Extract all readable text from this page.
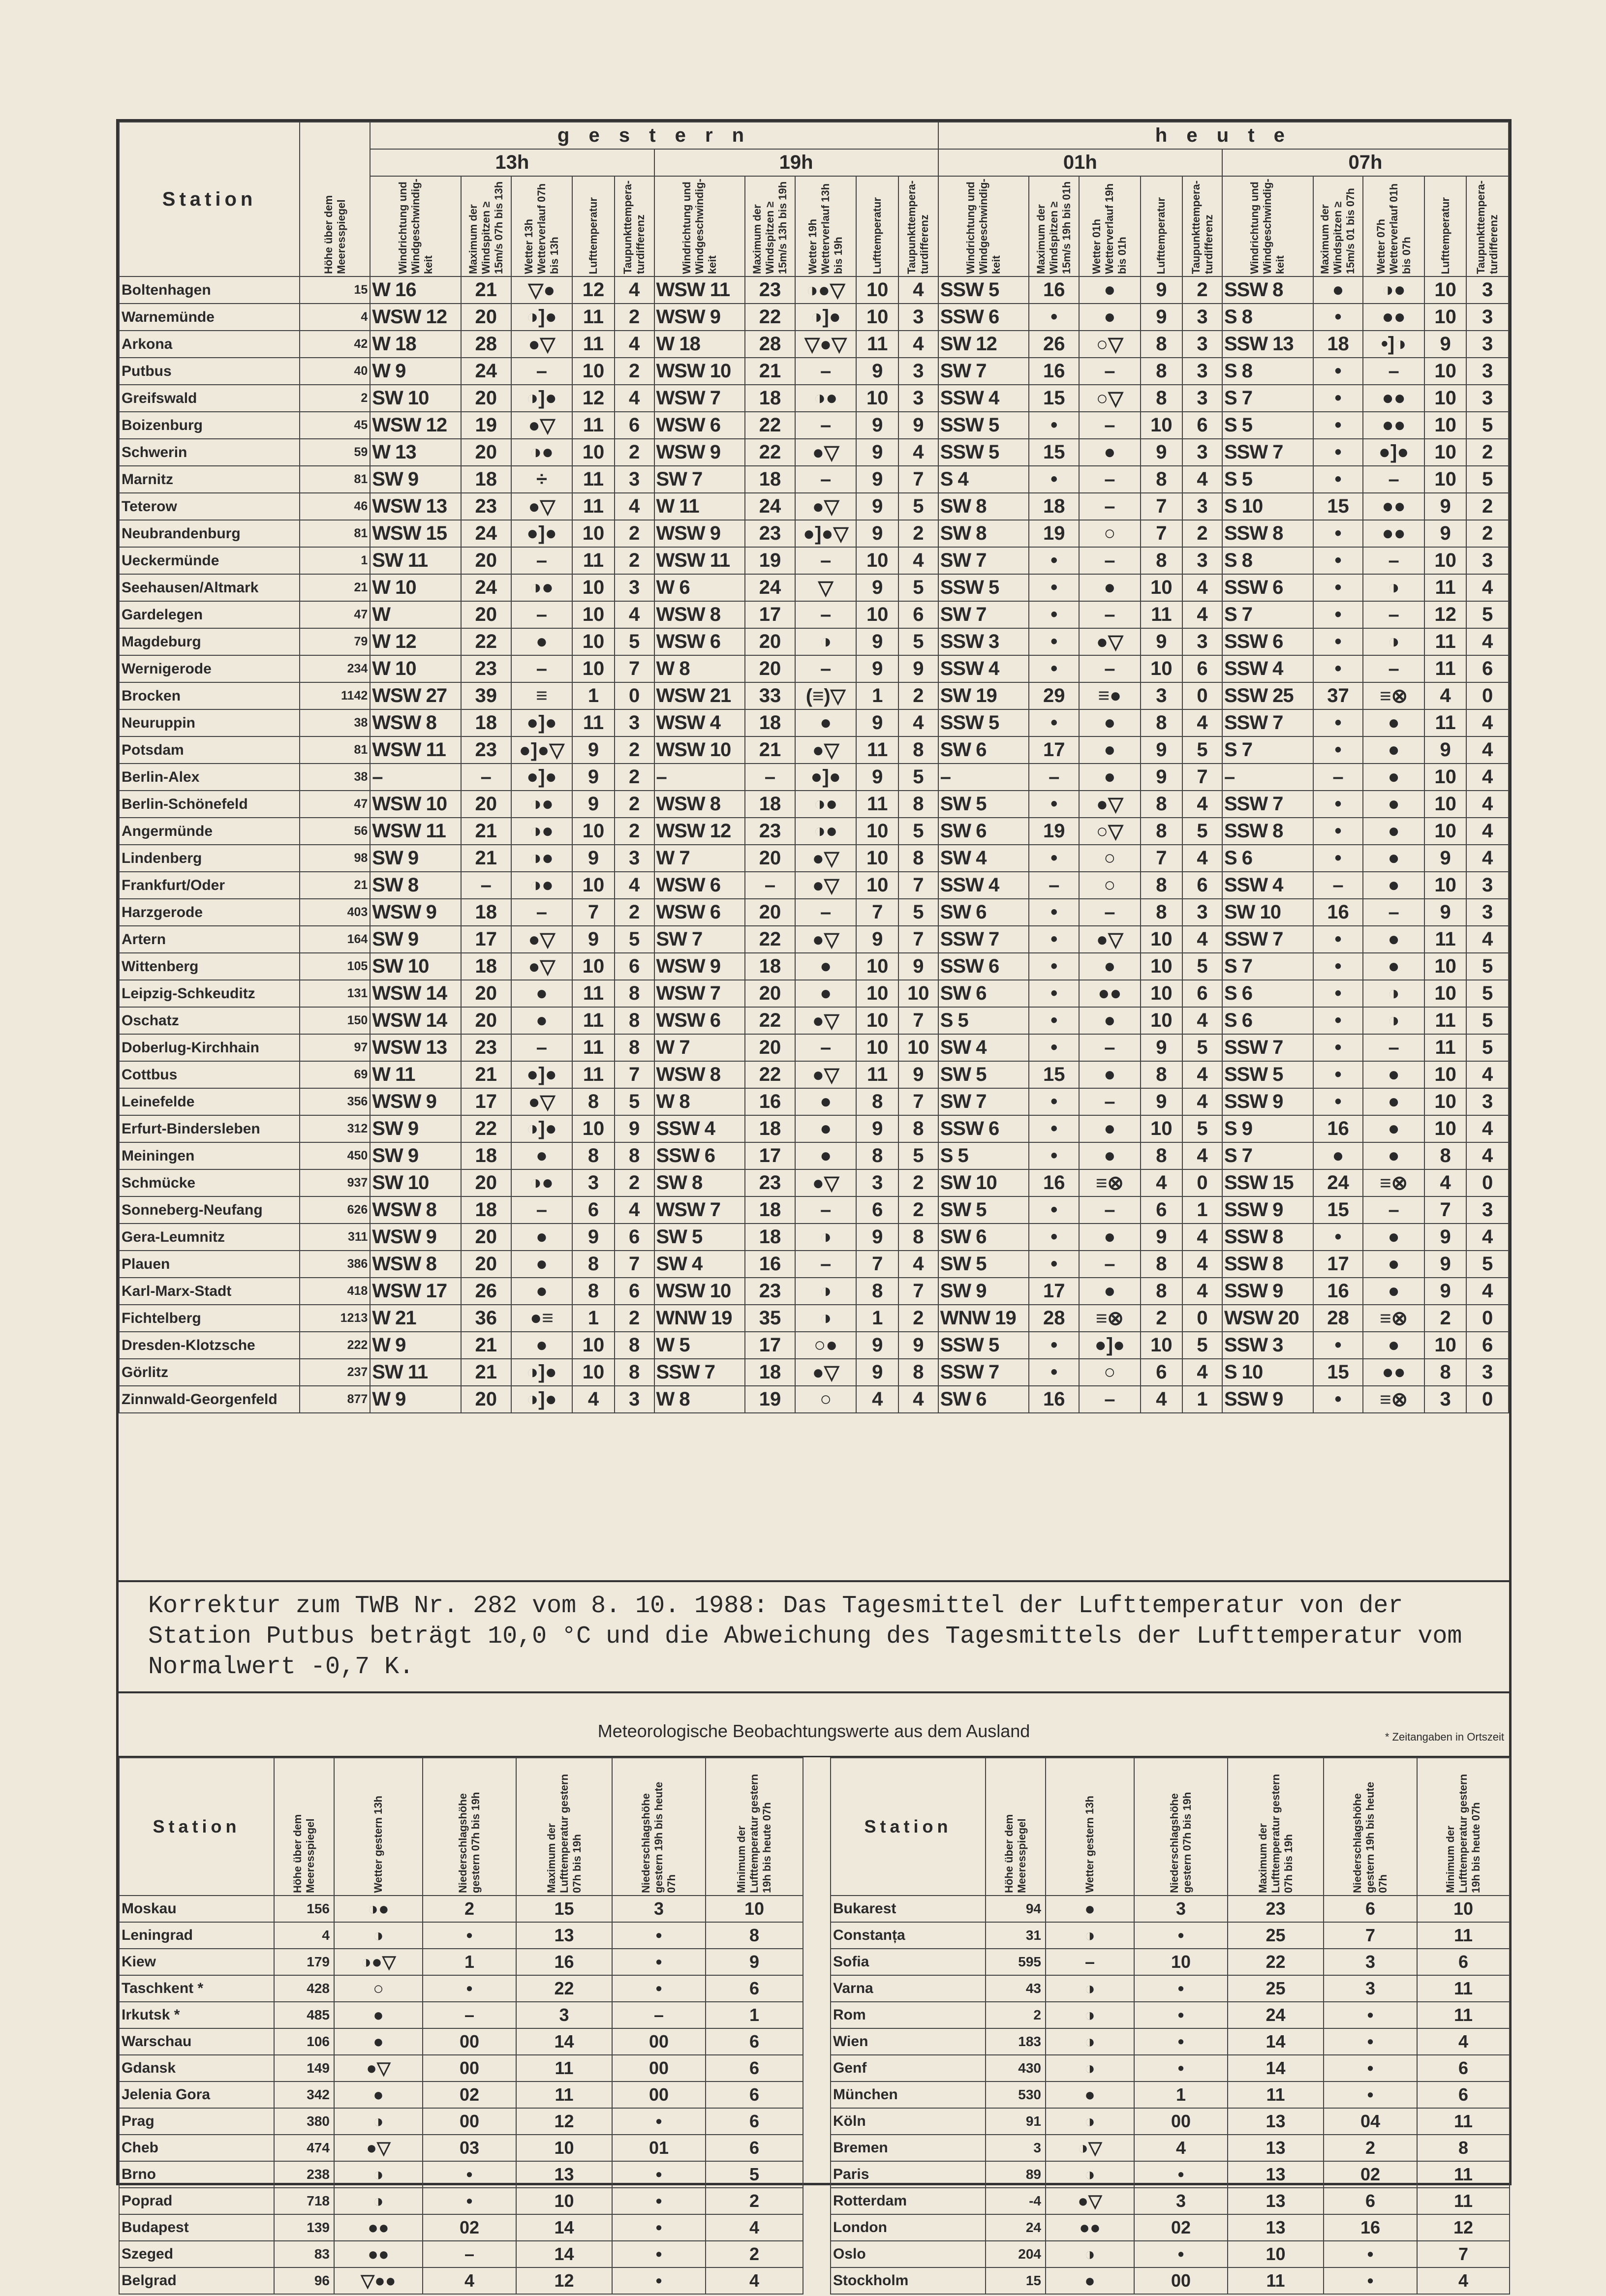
Station	Höhe über dem Meeresspiegel	g e s t e r n										h e u t e									
		13h					19h					01h					07h				

		Windrichtung und Windgeschwindig-keit	Maximum der Windspitzen ≥ 15m/s 07h bis 13h	Wetter 13h Wetterverlauf 07h bis 13h	Lufttemperatur	Taupunkttempera-turdifferenz	Windrichtung und Windgeschwindig-keit	Maximum der Windspitzen ≥ 15m/s 13h bis 19h	Wetter 19h Wetterverlauf 13h bis 19h	Lufttemperatur	Taupunkttempera-turdifferenz	Windrichtung und Windgeschwindig-keit	Maximum der Windspitzen ≥ 15m/s 19h bis 01h	Wetter 01h Wetterverlauf 19h bis 01h	Lufttemperatur	Taupunkttempera-turdifferenz	Windrichtung und Windgeschwindig-keit	Maximum der Windspitzen ≥ 15m/s 01 bis 07h	Wetter 07h Wetterverlauf 01h bis 07h	Lufttemperatur	Taupunkttempera-turdifferenz

Boltenhagen	15	W 16	21	▽●	12	4	WSW 11	23	◑●▽	10	4	SSW 5	16	●	9	2	SSW 8	●	◑●	10	3
Warnemünde	4	WSW 12	20	◑]●	11	2	WSW 9	22	◑]●	10	3	SSW 6	•	●	9	3	S 8	•	●●	10	3
Arkona	42	W 18	28	●▽	11	4	W 18	28	▽●▽	11	4	SW 12	26	○▽	8	3	SSW 13	18	•]◑	9	3
Putbus	40	W 9	24	–	10	2	WSW 10	21	–	9	3	SW 7	16	–	8	3	S 8	•	–	10	3
Greifswald	2	SW 10	20	◑]●	12	4	WSW 7	18	◑●	10	3	SSW 4	15	○▽	8	3	S 7	•	●●	10	3
Boizenburg	45	WSW 12	19	●▽	11	6	WSW 6	22	–	9	9	SSW 5	•	–	10	6	S 5	•	●●	10	5
Schwerin	59	W 13	20	◑●	10	2	WSW 9	22	●▽	9	4	SSW 5	15	●	9	3	SSW 7	•	●]●	10	2
Marnitz	81	SW 9	18	÷	11	3	SW 7	18	–	9	7	S 4	•	–	8	4	S 5	•	–	10	5
Teterow	46	WSW 13	23	●▽	11	4	W 11	24	●▽	9	5	SW 8	18	–	7	3	S 10	15	●●	9	2
Neubrandenburg	81	WSW 15	24	●]●	10	2	WSW 9	23	●]●▽	9	2	SW 8	19	○	7	2	SSW 8	•	●●	9	2
Ueckermünde	1	SW 11	20	–	11	2	WSW 11	19	–	10	4	SW 7	•	–	8	3	S 8	•	–	10	3
Seehausen/Altmark	21	W 10	24	◑●	10	3	W 6	24	▽	9	5	SSW 5	•	●	10	4	SSW 6	•	◑	11	4
Gardelegen	47	W	20	–	10	4	WSW 8	17	–	10	6	SW 7	•	–	11	4	S 7	•	–	12	5
Magdeburg	79	W 12	22	●	10	5	WSW 6	20	◑	9	5	SSW 3	•	●▽	9	3	SSW 6	•	◑	11	4
Wernigerode	234	W 10	23	–	10	7	W 8	20	–	9	9	SSW 4	•	–	10	6	SSW 4	•	–	11	6
Brocken	1142	WSW 27	39	≡	1	0	WSW 21	33	(≡)▽	1	2	SW 19	29	≡●	3	0	SSW 25	37	≡⊗	4	0
Neuruppin	38	WSW 8	18	●]●	11	3	WSW 4	18	●	9	4	SSW 5	•	●	8	4	SSW 7	•	●	11	4
Potsdam	81	WSW 11	23	●]●▽	9	2	WSW 10	21	●▽	11	8	SW 6	17	●	9	5	S 7	•	●	9	4
Berlin-Alex	38	–	–	●]●	9	2	–	–	●]●	9	5	–	–	●	9	7	–	–	●	10	4
Berlin-Schönefeld	47	WSW 10	20	◑●	9	2	WSW 8	18	◑●	11	8	SW 5	•	●▽	8	4	SSW 7	•	●	10	4
Angermünde	56	WSW 11	21	◑●	10	2	WSW 12	23	◑●	10	5	SW 6	19	○▽	8	5	SSW 8	•	●	10	4
Lindenberg	98	SW 9	21	◑●	9	3	W 7	20	●▽	10	8	SW 4	•	○	7	4	S 6	•	●	9	4
Frankfurt/Oder	21	SW 8	–	◑●	10	4	WSW 6	–	●▽	10	7	SSW 4	–	○	8	6	SSW 4	–	●	10	3
Harzgerode	403	WSW 9	18	–	7	2	WSW 6	20	–	7	5	SW 6	•	–	8	3	SW 10	16	–	9	3
Artern	164	SW 9	17	●▽	9	5	SW 7	22	●▽	9	7	SSW 7	•	●▽	10	4	SSW 7	•	●	11	4
Wittenberg	105	SW 10	18	●▽	10	6	WSW 9	18	●	10	9	SSW 6	•	●	10	5	S 7	•	●	10	5
Leipzig-Schkeuditz	131	WSW 14	20	●	11	8	WSW 7	20	●	10	10	SW 6	•	●●	10	6	S 6	•	◑	10	5
Oschatz	150	WSW 14	20	●	11	8	WSW 6	22	●▽	10	7	S 5	•	●	10	4	S 6	•	◑	11	5
Doberlug-Kirchhain	97	WSW 13	23	–	11	8	W 7	20	–	10	10	SW 4	•	–	9	5	SSW 7	•	–	11	5
Cottbus	69	W 11	21	●]●	11	7	WSW 8	22	●▽	11	9	SW 5	15	●	8	4	SSW 5	•	●	10	4
Leinefelde	356	WSW 9	17	●▽	8	5	W 8	16	●	8	7	SW 7	•	–	9	4	SSW 9	•	●	10	3
Erfurt-Bindersleben	312	SW 9	22	◑]●	10	9	SSW 4	18	●	9	8	SSW 6	•	●	10	5	S 9	16	●	10	4
Meiningen	450	SW 9	18	●	8	8	SSW 6	17	●	8	5	S 5	•	●	8	4	S 7	●	●	8	4
Schmücke	937	SW 10	20	◑●	3	2	SW 8	23	●▽	3	2	SW 10	16	≡⊗	4	0	SSW 15	24	≡⊗	4	0
Sonneberg-Neufang	626	WSW 8	18	–	6	4	WSW 7	18	–	6	2	SW 5	•	–	6	1	SSW 9	15	–	7	3
Gera-Leumnitz	311	WSW 9	20	●	9	6	SW 5	18	◑	9	8	SW 6	•	●	9	4	SSW 8	•	●	9	4
Plauen	386	WSW 8	20	●	8	7	SW 4	16	–	7	4	SW 5	•	–	8	4	SSW 8	17	●	9	5
Karl-Marx-Stadt	418	WSW 17	26	●	8	6	WSW 10	23	◑	8	7	SW 9	17	●	8	4	SSW 9	16	●	9	4
Fichtelberg	1213	W 21	36	●≡	1	2	WNW 19	35	◑	1	2	WNW 19	28	≡⊗	2	0	WSW 20	28	≡⊗	2	0
Dresden-Klotzsche	222	W 9	21	●	10	8	W 5	17	○●	9	9	SSW 5	•	●]●	10	5	SSW 3	•	●	10	6
Görlitz	237	SW 11	21	◑]●	10	8	SSW 7	18	●▽	9	8	SSW 7	•	○	6	4	S 10	15	●●	8	3
Zinnwald-Georgenfeld	877	W 9	20	◑]●	4	3	W 8	19	○	4	4	SW 6	16	–	4	1	SSW 9	•	≡⊗	3	0
Korrektur zum TWB Nr. 282 vom 8. 10. 1988: Das Tagesmittel der Lufttemperatur von der Station Putbus beträgt 10,0 °C und die Abweichung des Tagesmittels der Lufttemperatur vom Normalwert -0,7 K.
Meteorologische Beobachtungswerte aus dem Ausland	* Zeitangaben in Ortszeit
Station	Höhe über dem Meeresspiegel	Wetter gestern 13h	Niederschlagshöhe gestern 07h bis 19h	Maximum der Lufttemperatur gestern 07h bis 19h	Niederschlagshöhe gestern 19h bis heute 07h	Minimum der Lufttemperatur gestern 19h bis heute 07h

Moskau	156	◑●	2	15	3	10
Leningrad	4	◑	•	13	•	8
Kiew	179	◑●▽	1	16	•	9
Taschkent *	428	○	•	22	•	6
Irkutsk *	485	●	–	3	–	1
Warschau	106	●	00	14	00	6
Gdansk	149	●▽	00	11	00	6
Jelenia Gora	342	●	02	11	00	6
Prag	380	◑	00	12	•	6
Cheb	474	●▽	03	10	01	6
Brno	238	◑	•	13	•	5
Poprad	718	◑	•	10	•	2
Budapest	139	●●	02	14	•	4
Szeged	83	●●	–	14	•	2
Belgrad	96	▽●●	4	12	•	4
Station	Höhe über dem Meeresspiegel	Wetter gestern 13h	Niederschlagshöhe gestern 07h bis 19h	Maximum der Lufttemperatur gestern 07h bis 19h	Niederschlagshöhe gestern 19h bis heute 07h	Minimum der Lufttemperatur gestern 19h bis heute 07h

Bukarest	94	●	3	23	6	10
Constanța	31	◑	•	25	7	11
Sofia	595	–	10	22	3	6
Varna	43	◑	•	25	3	11
Rom	2	◑	•	24	•	11
Wien	183	◑	•	14	•	4
Genf	430	◑	•	14	•	6
München	530	●	1	11	•	6
Köln	91	◑	00	13	04	11
Bremen	3	◑▽	4	13	2	8
Paris	89	◑	•	13	02	11
Rotterdam	-4	●▽	3	13	6	11
London	24	●●	02	13	16	12
Oslo	204	◑	•	10	•	7
Stockholm	15	●	00	11	•	4
